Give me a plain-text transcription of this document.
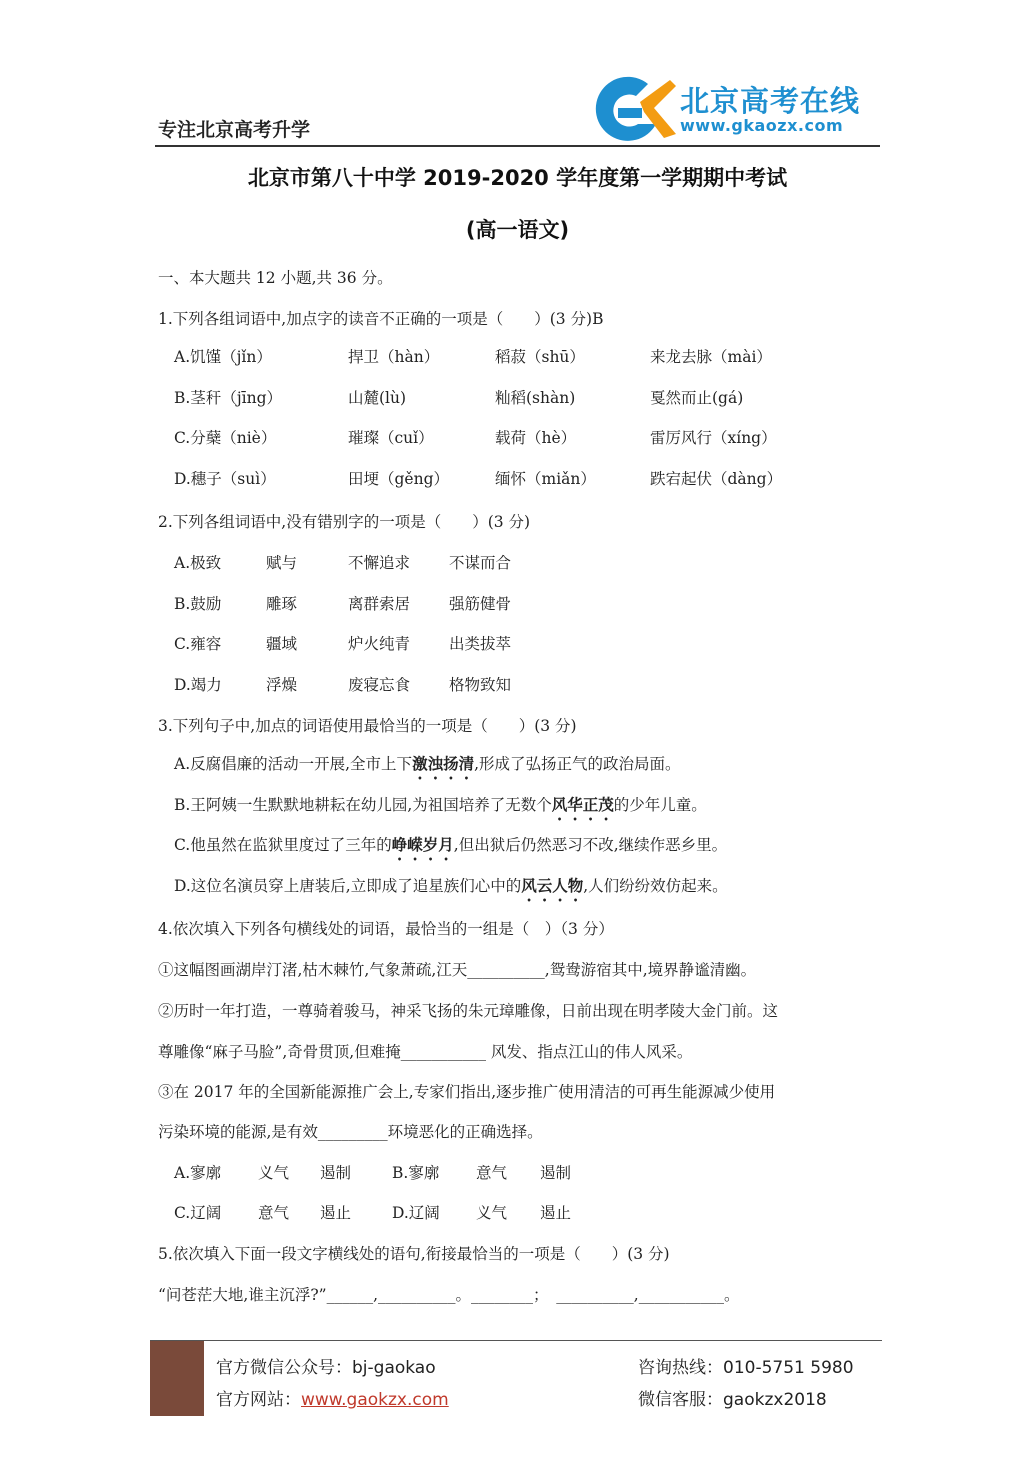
专注北京高考升学
北京高考在线
www.gkaozx.com
北京市第八十中学 2019-2020 学年度第一学期期中考试
(高一语文)
一、本大题共 12 小题,共 36 分。
1.下列各组词语中,加点字的读音不正确的一项是（　　）(3 分)B
A.饥馑（jǐn）	捍卫（hàn）	稻菽（shū）	来龙去脉（mài）
B.茎秆（jīng）	山麓(lù)	籼稻(shàn)	戛然而止(gá)
C.分蘖（niè）	璀璨（cuǐ）	载荷（hè）	雷厉风行（xíng）
D.穗子（suì）	田埂（gěng）	缅怀（miǎn）	跌宕起伏（dàng）
2.下列各组词语中,没有错别字的一项是（　　）(3 分)
A.极致	赋与	不懈追求	不谋而合
B.鼓励	雕琢	离群索居	强筋健骨
C.雍容	疆域	炉火纯青	出类拔萃
D.竭力	浮燥	废寝忘食	格物致知
3.下列句子中,加点的词语使用最恰当的一项是（　　）(3 分)
A.反腐倡廉的活动一开展,全市上下激浊扬清,形成了弘扬正气的政治局面。
B.王阿姨一生默默地耕耘在幼儿园,为祖国培养了无数个风华正茂的少年儿童。
C.他虽然在监狱里度过了三年的峥嵘岁月,但出狱后仍然恶习不改,继续作恶乡里。
D.这位名演员穿上唐装后,立即成了追星族们心中的风云人物,人们纷纷效仿起来。
4.依次填入下列各句横线处的词语，最恰当的一组是（　）（3 分）
①这幅图画湖岸汀渚,枯木棘竹,气象萧疏,江天__________,鸳鸯游宿其中,境界静谧清幽。
②历时一年打造，一尊骑着骏马，神采飞扬的朱元璋雕像，日前出现在明孝陵大金门前。这
尊雕像“麻子马脸”,奇骨贯顶,但难掩___________ 风发、指点江山的伟人风采。
③在 2017 年的全国新能源推广会上,专家们指出,逐步推广使用清洁的可再生能源减少使用
污染环境的能源,是有效_________环境恶化的正确选择。
A.寥廓 义气 遏制	B.寥廓 意气 遏制
C.辽阔 意气 遏止	D.辽阔 义气 遏止
5.依次填入下面一段文字横线处的语句,衔接最恰当的一项是（　　）(3 分)
“问苍茫大地,谁主沉浮?”______,__________。________；　__________,___________。
官方微信公众号：bj-gaokao
官方网站：www.gaokzx.com
咨询热线：010-5751 5980
微信客服：gaokzx2018
